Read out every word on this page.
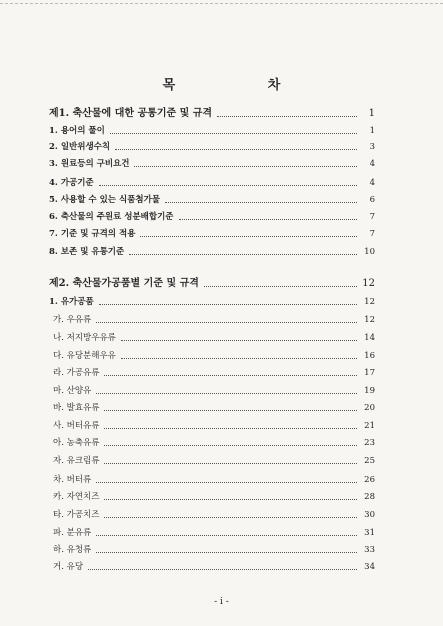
목 차
제1. 축산물에 대한 공통기준 및 규격	1
1. 용어의 풀이	1
2. 일반위생수칙	3
3. 원료등의 구비요건	4
4. 가공기준	4
5. 사용할 수 있는 식품첨가물	6
6. 축산물의 주원료 성분배합기준	7
7. 기준 및 규격의 적용	7
8. 보존 및 유통기준	10
제2. 축산물가공품별 기준 및 규격	12
1. 유가공품	12
가. 우유류	12
나. 저지방우유류	14
다. 유당분해우유	16
라. 가공유류	17
마. 산양유	19
바. 발효유류	20
사. 버터유류	21
아. 농축유류	23
자. 유크림류	25
차. 버터류	26
카. 자연치즈	28
타. 가공치즈	30
파. 분유류	31
하. 유청류	33
거. 유당	34
- i -
